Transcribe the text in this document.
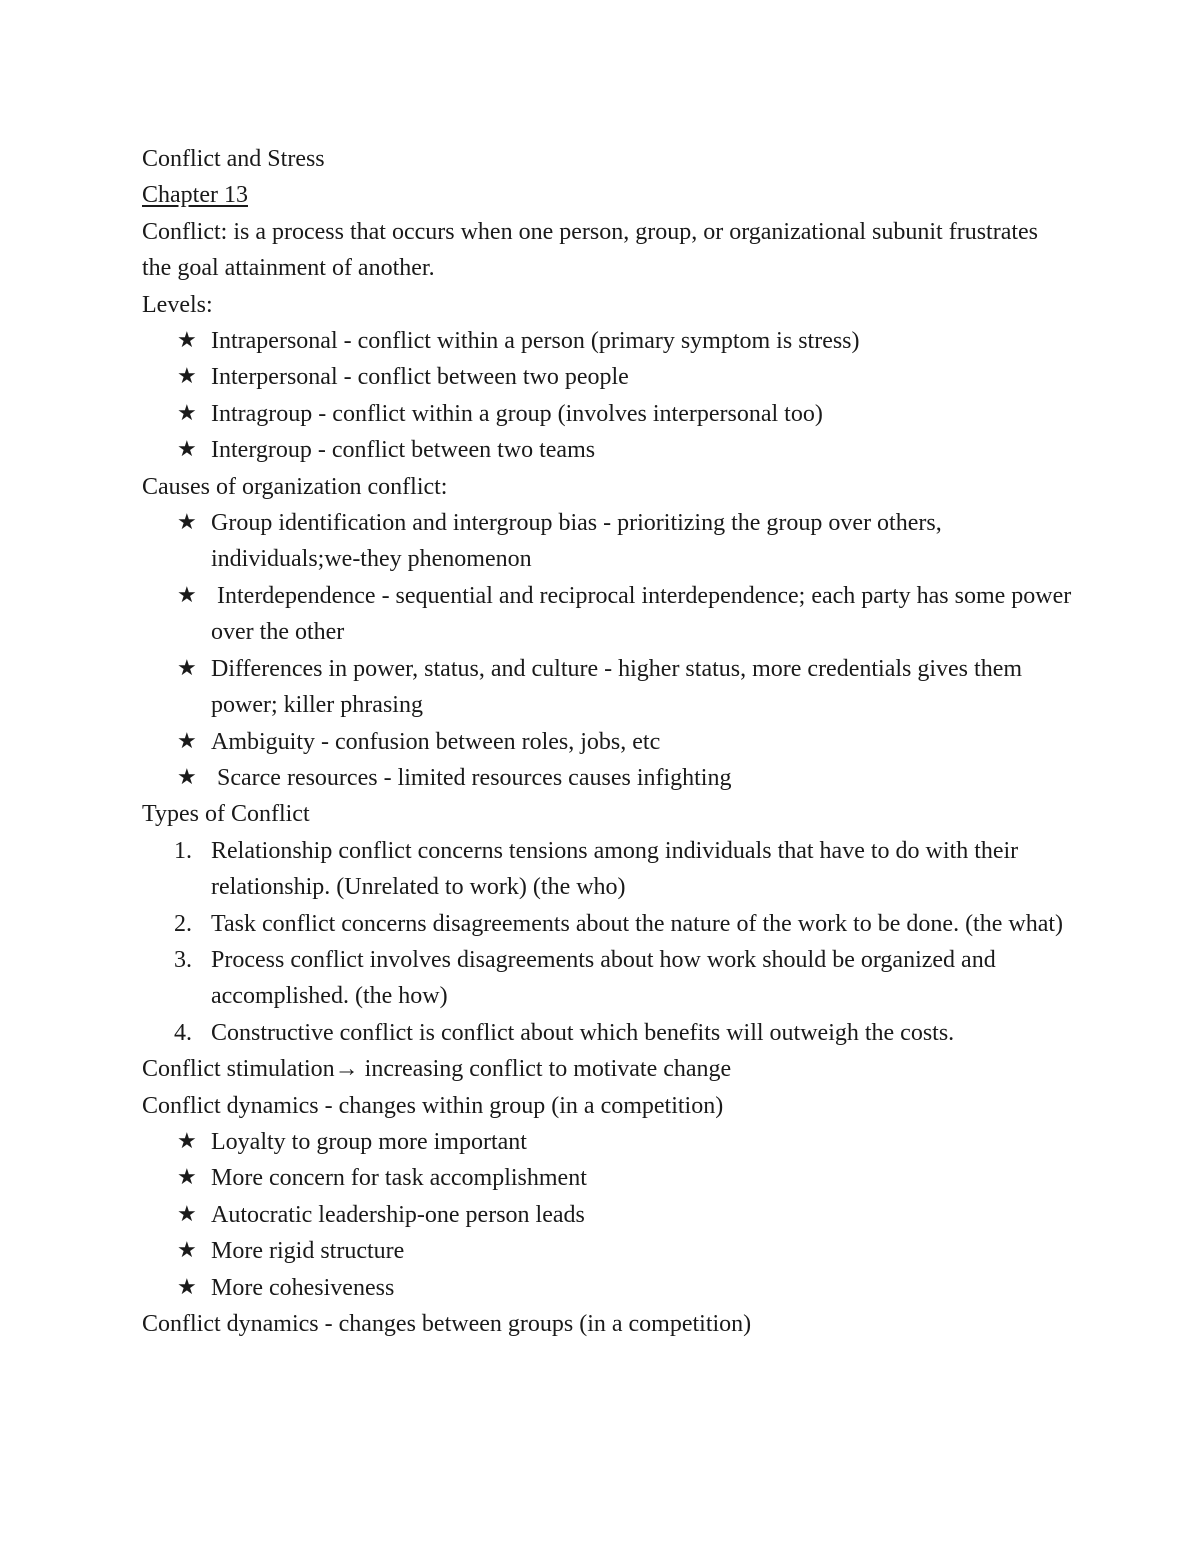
Conflict and Stress
Chapter 13
Conflict: is a process that occurs when one person, group, or organizational subunit frustrates the goal attainment of another.
Levels:
★ Intrapersonal - conflict within a person (primary symptom is stress)
★ Interpersonal - conflict between two people
★ Intragroup - conflict within a group (involves interpersonal too)
★ Intergroup - conflict between two teams
Causes of organization conflict:
★ Group identification and intergroup bias - prioritizing the group over others, individuals;we-they phenomenon
★ Interdependence - sequential and reciprocal interdependence; each party has some power over the other
★ Differences in power, status, and culture - higher status, more credentials gives them power; killer phrasing
★ Ambiguity - confusion between roles, jobs, etc
★ Scarce resources - limited resources causes infighting
Types of Conflict
1. Relationship conflict concerns tensions among individuals that have to do with their relationship. (Unrelated to work) (the who)
2. Task conflict concerns disagreements about the nature of the work to be done. (the what)
3. Process conflict involves disagreements about how work should be organized and accomplished. (the how)
4. Constructive conflict is conflict about which benefits will outweigh the costs.
Conflict stimulation→ increasing conflict to motivate change
Conflict dynamics - changes within group (in a competition)
★ Loyalty to group more important
★ More concern for task accomplishment
★ Autocratic leadership-one person leads
★ More rigid structure
★ More cohesiveness
Conflict dynamics - changes between groups (in a competition)
